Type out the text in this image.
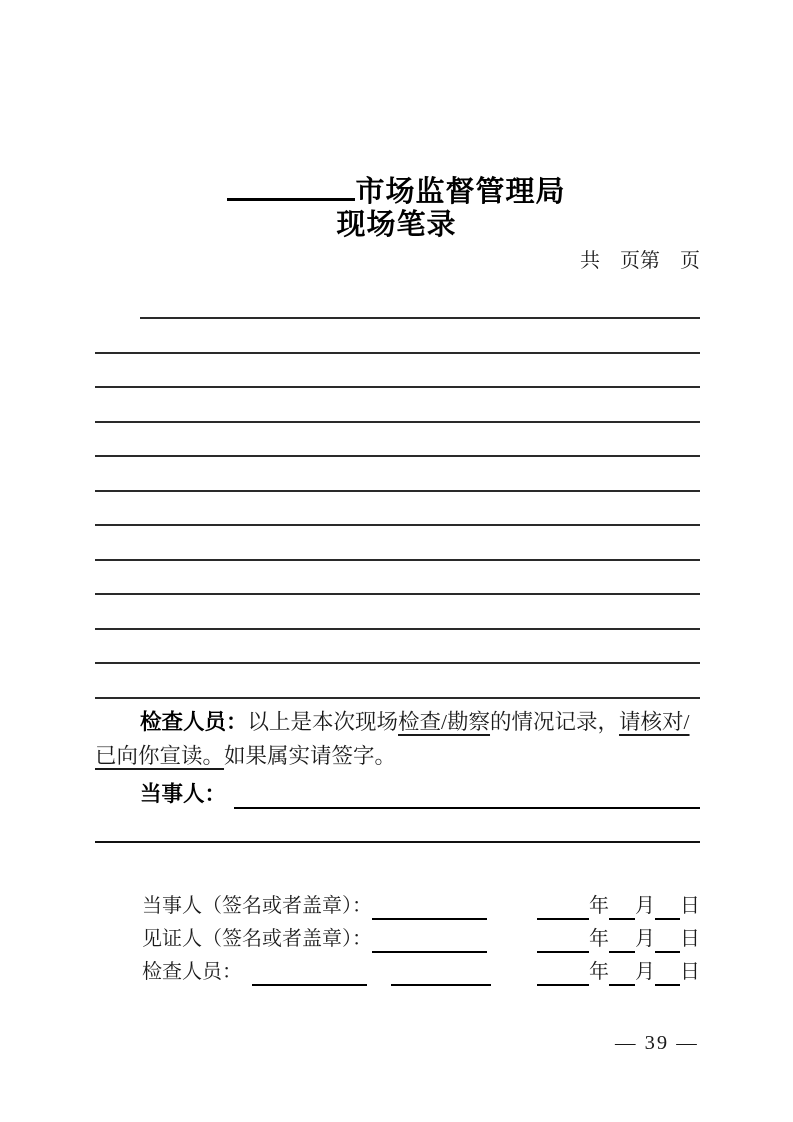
市场监督管理局
现场笔录
共　页第　页
检查人员：以上是本次现场检查/勘察的情况记录，请核对/
已向你宣读。如果属实请签字。
当事人：
当事人（签名或者盖章）：	年 月 日
见证人（签名或者盖章）：	年 月 日
检查人员：	年 月 日
— 39 —
